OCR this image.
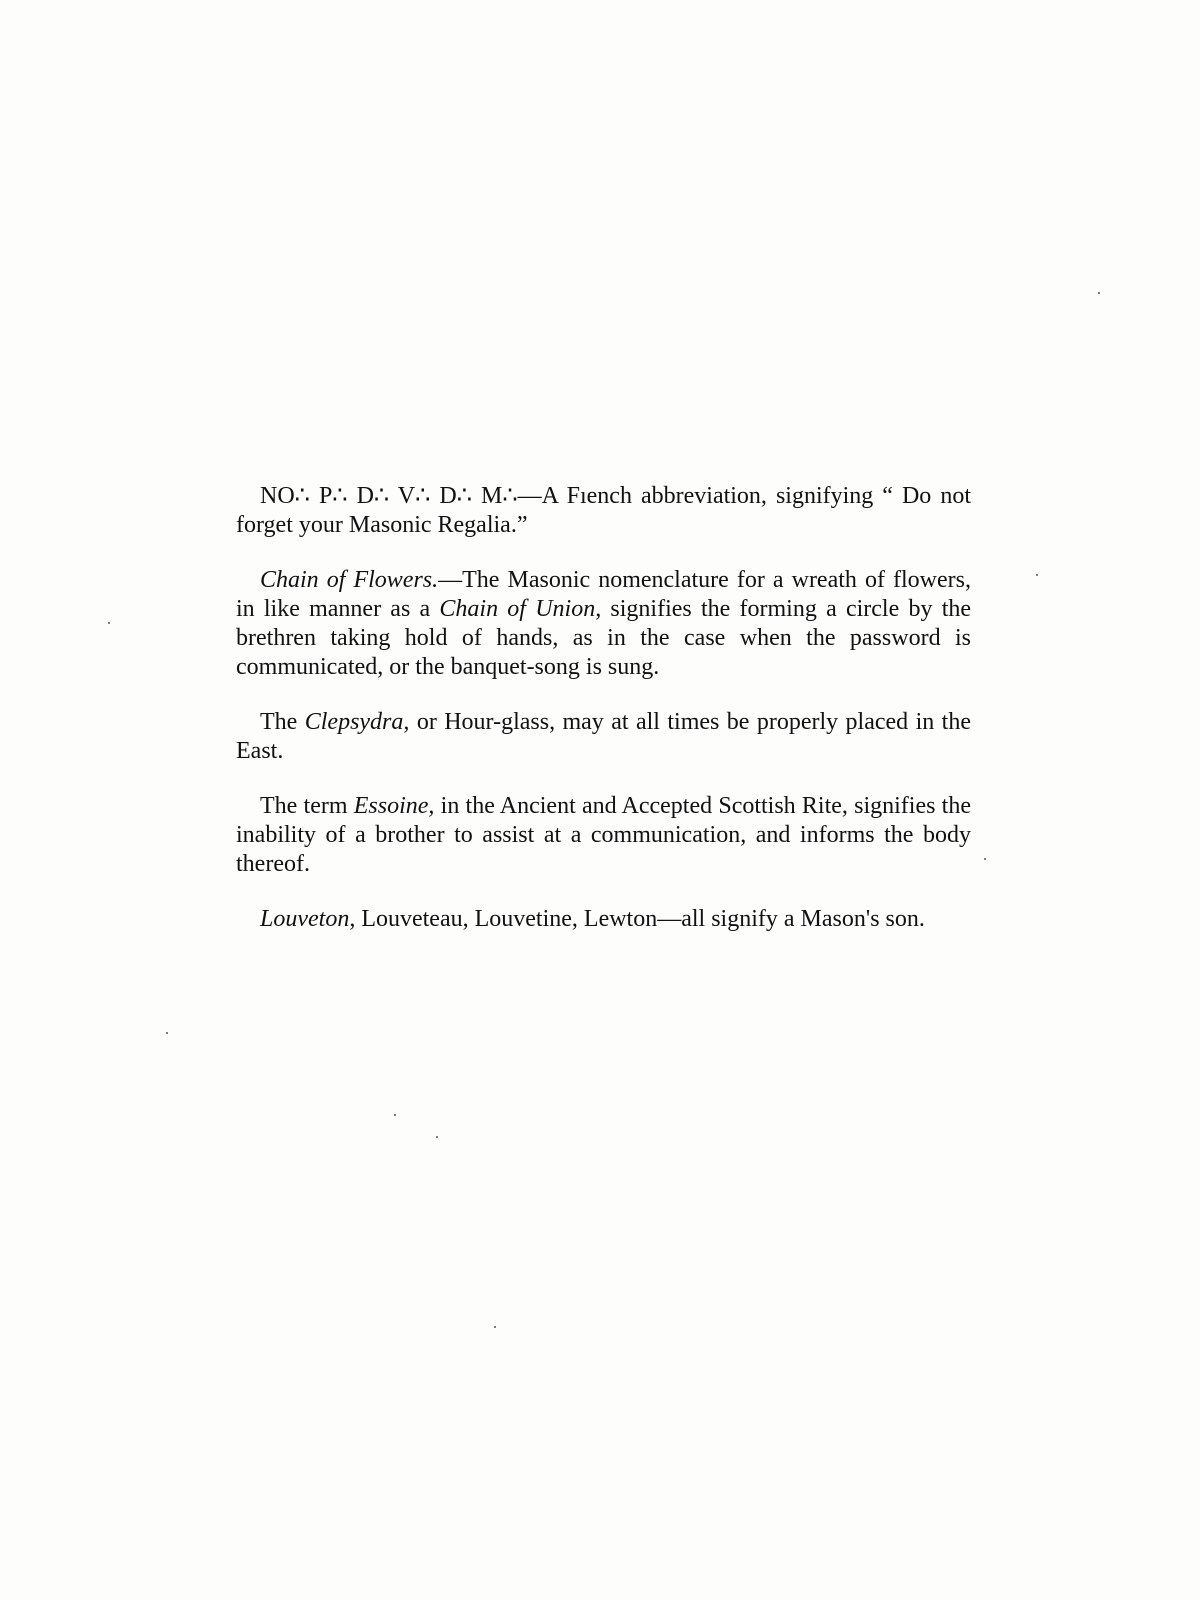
NO∴ P∴ D∴ V∴ D∴ M∴—A Fıench abbreviation, signifying “ Do not forget your Masonic Regalia.”

Chain of Flowers.—The Masonic nomenclature for a wreath of flowers, in like manner as a Chain of Union, signifies the forming a circle by the brethren taking hold of hands, as in the case when the password is communicated, or the banquet-song is sung.

The Clepsydra, or Hour-glass, may at all times be properly placed in the East.

The term Essoine, in the Ancient and Accepted Scottish Rite, signifies the inability of a brother to assist at a communication, and informs the body thereof.

Louveton, Louveteau, Louvetine, Lewton—all signify a Mason's son.
